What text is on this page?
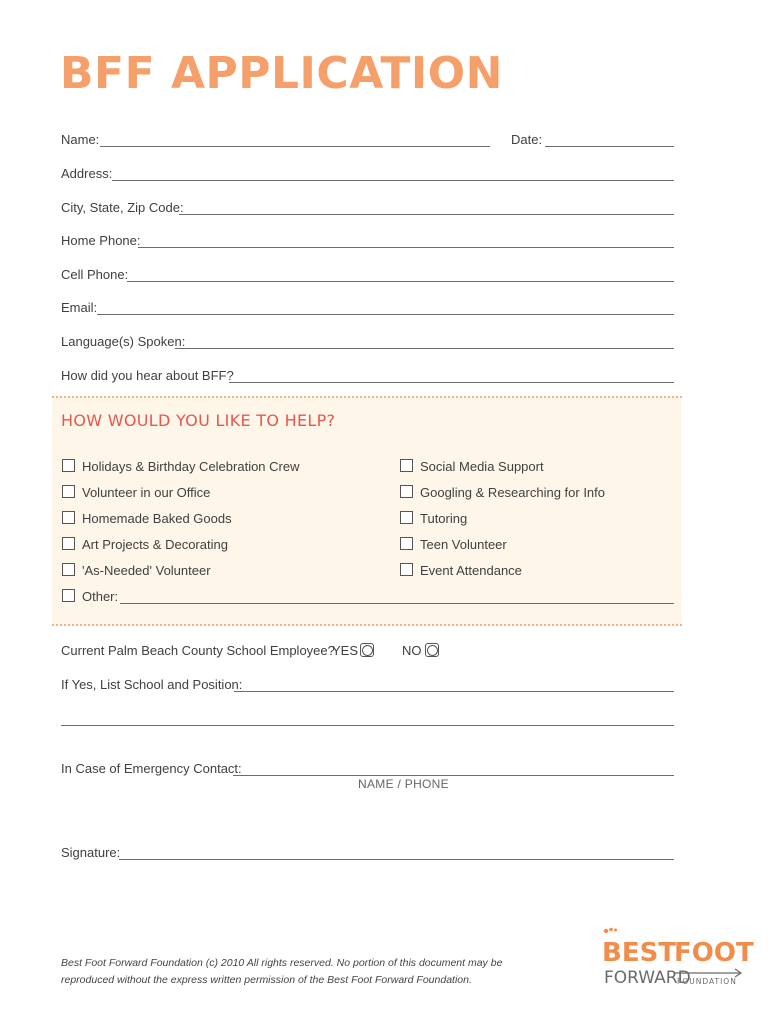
BFF APPLICATION
Name:	Date:
Address:
City, State, Zip Code:
Home Phone:
Cell Phone:
Email:
Language(s) Spoken:
How did you hear about BFF?
HOW WOULD YOU LIKE TO HELP?
Holidays & Birthday Celebration Crew
Volunteer in our Office
Homemade Baked Goods
Art Projects & Decorating
'As-Needed' Volunteer
Other:
Social Media Support
Googling & Researching for Info
Tutoring
Teen Volunteer
Event Attendance
Current Palm Beach County School Employee?
YES	NO
If Yes, List School and Position:
In Case of Emergency Contact:
NAME / PHONE
Signature:
Best Foot Forward Foundation (c) 2010 All rights reserved. No portion of this document may be
reproduced without the express written permission of the Best Foot Forward Foundation.
BEST
FOOT
FORWARD
FOUNDATION
